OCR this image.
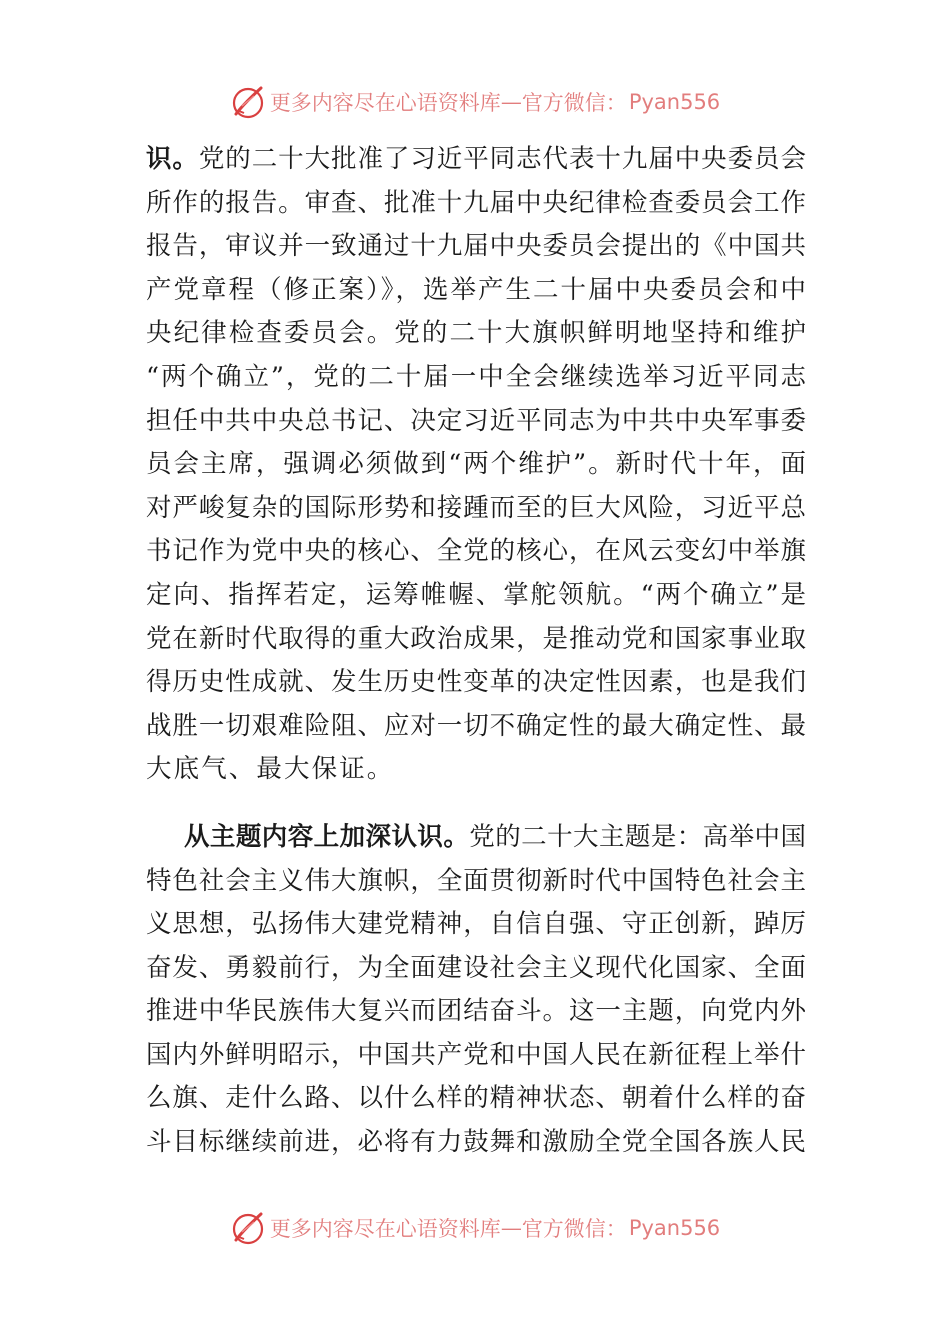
更多内容尽在心语资料库 — 官方微信： Pyan556
识。党的二十大批准了习近平同志代表十九届中央委员会
所作的报告。审查、批准十九届中央纪律检查委员会工作
报告，审议并一致通过十九届中央委员会提出的《中国共
产党章程（修正案）》，选举产生二十届中央委员会和中
央纪律检查委员会。党的二十大旗帜鲜明地坚持和维护
“两个确立”，党的二十届一中全会继续选举习近平同志
担任中共中央总书记、决定习近平同志为中共中央军事委
员会主席，强调必须做到“两个维护”。新时代十年，面
对严峻复杂的国际形势和接踵而至的巨大风险，习近平总
书记作为党中央的核心、全党的核心，在风云变幻中举旗
定向、指挥若定，运筹帷幄、掌舵领航。“两个确立”是
党在新时代取得的重大政治成果，是推动党和国家事业取
得历史性成就、发生历史性变革的决定性因素，也是我们
战胜一切艰难险阻、应对一切不确定性的最大确定性、最
大底气、最大保证。
从主题内容上加深认识。党的二十大主题是：高举中国
特色社会主义伟大旗帜，全面贯彻新时代中国特色社会主
义思想，弘扬伟大建党精神，自信自强、守正创新，踔厉
奋发、勇毅前行，为全面建设社会主义现代化国家、全面
推进中华民族伟大复兴而团结奋斗。这一主题，向党内外
国内外鲜明昭示，中国共产党和中国人民在新征程上举什
么旗、走什么路、以什么样的精神状态、朝着什么样的奋
斗目标继续前进，必将有力鼓舞和激励全党全国各族人民
更多内容尽在心语资料库 — 官方微信： Pyan556
